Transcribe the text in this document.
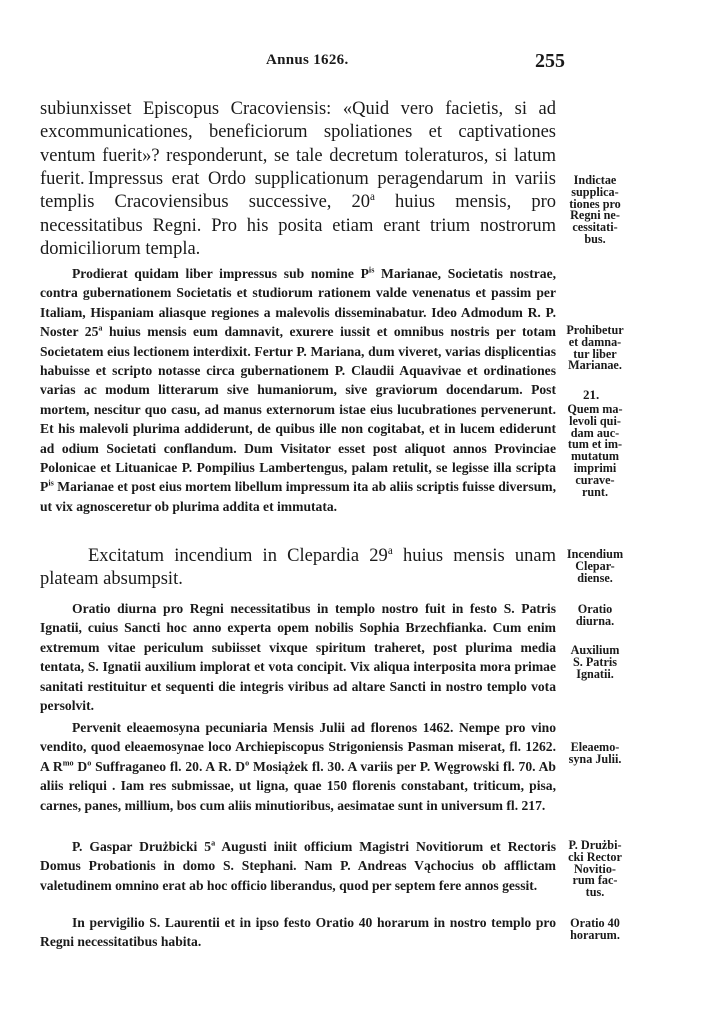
Annus 1626.	255

subiunxisset Episcopus Cracoviensis: «Quid vero facietis, si ad excommunicationes, beneficiorum spoliationes et captivationes ventum fuerit»? responderunt, se tale decretum toleraturos, si latum fuerit. Impressus erat Ordo supplicationum peragendarum in variis templis Cracoviensibus successive, 20$^a$ huius mensis, pro necessitatibus Regni. Pro his posita etiam erant trium nostrorum domiciliorum templa.

Prodierat quidam liber impressus sub nomine $P^{is}$ Marianae, Societatis nostrae, contra gubernationem Societatis et studiorum rationem valde venenatus et passim per Italiam, Hispaniam aliasque regiones a malevolis disseminabatur. Ideo Admodum R. P. Noster 25$^a$ huius mensis eum damnavit, exurere iussit et omnibus nostris per totam Societatem eius lectionem interdixit. Fertur P. Mariana, dum viveret, varias displicentias habuisse et scripto notasse circa gubernationem P. Claudii Aquavivae et ordinationes varias ac modum litterarum sive humaniorum, sive graviorum docendarum. Post mortem, nescitur quo casu, ad manus externorum istae eius lucubrationes pervenerunt. Et his malevoli plurima addiderunt, de quibus ille non cogitabat, et in lucem ediderunt ad odium Societati conflandum. Dum Visitator esset post aliquot annos Provinciae Polonicae et Lituanicae P. Pompilius Lambertengus, palam retulit, se legisse illa scripta $P^{is}$ Marianae et post eius mortem libellum impressum ita ab aliis scriptis fuisse diversum, ut vix agnosceretur ob plurima addita et immutata.

Excitatum incendium in Clepardia 29$^a$ huius mensis unam plateam absumpsit.

Oratio diurna pro Regni necessitatibus in templo nostro fuit in festo S. Patris Ignatii, cuius Sancti hoc anno experta opem nobilis Sophia Brzechfianka. Cum enim extremum vitae periculum subiisset vixque spiritum traheret, post plurima media tentata, S. Ignatii auxilium implorat et vota concipit. Vix aliqua interposita mora primae sanitati restituitur et sequenti die integris viribus ad altare Sancti in nostro templo vota persolvit.

Pervenit eleaemosyna pecuniaria Mensis Julii ad florenos 1462. Nempe pro vino vendito, quod eleaemosynae loco Archiepiscopus Strigoniensis Pasman miserat, fl. 1262. A $R^{mo}$ $D^o$ Suffraganeo fl. 20. A R. $D^o$ Mosiążek fl. 30. A variis per P. Węgrowski fl. 70. Ab aliis reliqui . Iam res submissae, ut ligna, quae 150 florenis constabant, triticum, pisa, carnes, panes, millium, bos cum aliis minutioribus, aesimatae sunt in universum fl. 217.

P. Gaspar Drużbicki 5$^a$ Augusti iniit officium Magistri Novitiorum et Rectoris Domus Probationis in domo S. Stephani. Nam P. Andreas Vąchocius ob afflictam valetudinem omnino erat ab hoc officio liberandus, quod per septem fere annos gessit.

In pervigilio S. Laurentii et in ipso festo Oratio 40 horarum in nostro templo pro Regni necessitatibus habita.

Indictae
supplica-
tiones pro
Regni ne-
cessitati-
bus.
Prohibetur
et damna-
tur liber
Marianae.
21.
Quem ma-
levoli qui-
dam auc-
tum et im-
mutatum
imprimi
curave-
runt.
Incendium
Clepar-
diense.
Oratio
diurna.
Auxilium
S. Patris
Ignatii.
Eleaemo-
syna Julii.
P. Drużbi-
cki Rector
Novitio-
rum fac-
tus.
Oratio 40
horarum.
